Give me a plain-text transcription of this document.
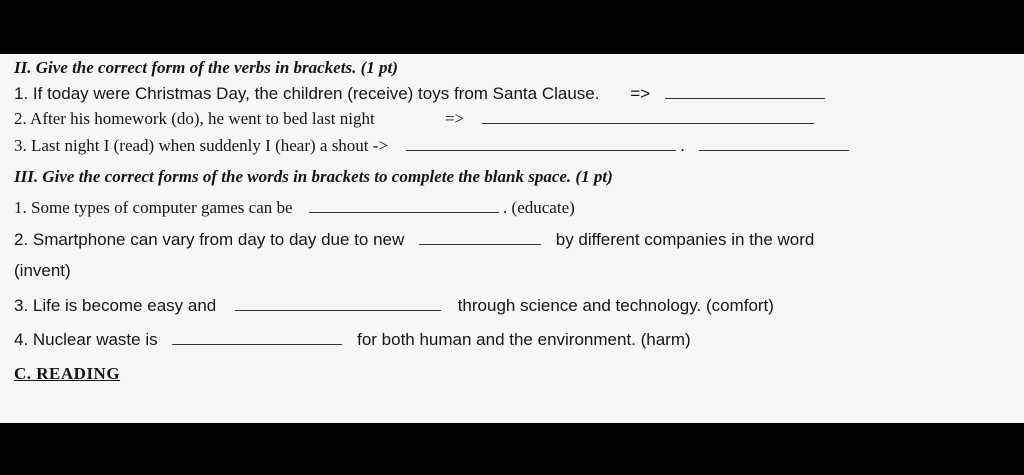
II. Give the correct form of the verbs in brackets. (1 pt)
1. If today were Christmas Day, the children (receive) toys from Santa Clause. =>
2. After his homework (do), he went to bed last night	=>
3. Last night I (read) when suddenly I (hear) a shout ->	.
III. Give the correct forms of the words in brackets to complete the blank space. (1 pt)
1. Some types of computer games can be	. (educate)
2. Smartphone can vary from day to day due to new	by different companies in the word
(invent)
3. Life is become easy and	through science and technology. (comfort)
4. Nuclear waste is	for both human and the environment. (harm)
C. READING
